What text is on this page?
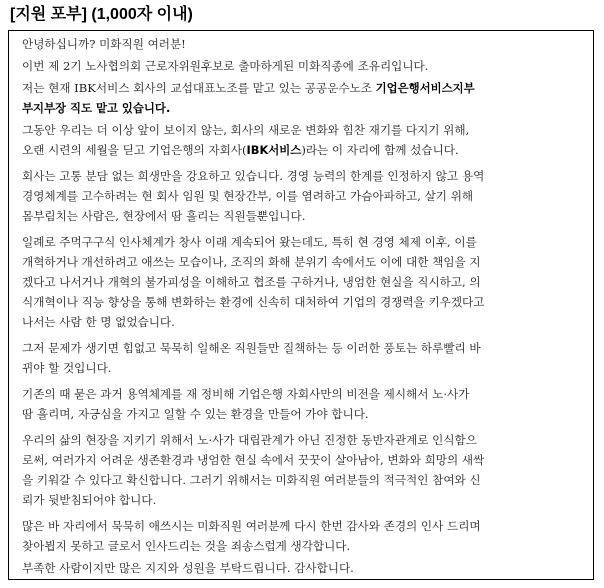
[지원 포부] (1,000자 이내)

안녕하십니까? 미화직원 여러분!

이번 제 2기 노사협의회 근로자위원후보로 출마하게된 미화직종에 조유리입니다.

저는 현재 IBK서비스 회사의 교섭대표노조를 맡고 있는 공공운수노조 기업은행서비스지부
부지부장 직도 맡고 있습니다.

그동안 우리는 더 이상 앞이 보이지 않는, 회사의 새로운 변화와 힘찬 재기를 다지기 위해,
오랜 시련의 세월을 딛고 기업은행의 자회사(IBK서비스)라는 이 자리에 함께 섰습니다.

회사는 고통 분담 없는 희생만을 강요하고 있습니다. 경영 능력의 한계를 인정하지 않고 용역
경영체계를 고수하려는 현 회사 임원 및 현장간부, 이를 염려하고 가슴아파하고, 살기 위해
몸부림치는 사람은, 현장에서 땀 흘리는 직원들뿐입니다.

일례로 주먹구구식 인사체계가 창사 이래 계속되어 왔는데도, 특히 현 경영 체제 이후, 이를
개혁하거나 개선하려고 애쓰는 모습이나, 조직의 화해 분위기 속에서도 이에 대한 책임을 지
겠다고 나서거나 개혁의 불가피성을 이해하고 협조를 구하거나, 냉엄한 현실을 직시하고, 의
식개혁이나 직능 향상을 통해 변화하는 환경에 신속히 대처하여 기업의 경쟁력을 키우겠다고
나서는 사람 한 명 없었습니다.

그저 문제가 생기면 힘없고 묵묵히 일해온 직원들만 질책하는 등 이러한 풍토는 하루빨리 바
뀌야 할 것입니다.

기존의 때 묻은 과거 용역체계를 재 정비해 기업은행 자회사만의 비전을 제시해서 노·사가
땀 흘리며, 자긍심을 가지고 일할 수 있는 환경을 만들어 가야 합니다.

우리의 삶의 현장을 지키기 위해서 노·사가 대립관계가 아닌 진정한 동반자관계로 인식함으
로써, 여러가지 어려운 생존환경과 냉엄한 현실 속에서 꿋꿋이 살아남아, 변화와 희망의 새싹
을 키워갈 수 있다고 확신합니다. 그러기 위해서는 미화직원 여러분들의 적극적인 참여와 신
뢰가 뒷받침되어야 합니다.

많은 바 자리에서 묵묵히 애쓰시는 미화직원 여러분께 다시 한번 감사와 존경의 인사 드리며
찾아뵙지 못하고 글로서 인사드리는 것을 죄송스럽게 생각합니다.

부족한 사람이지만 많은 지지와 성원을 부탁드립니다. 감사합니다.
